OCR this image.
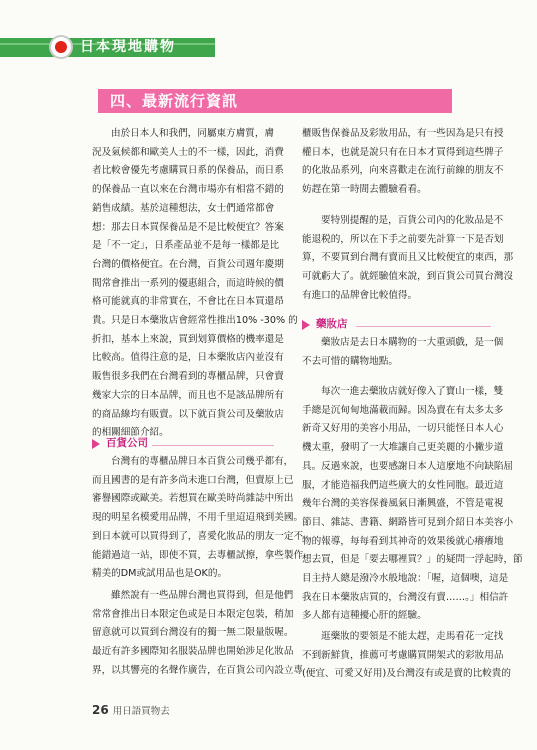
日本現地購物
四、最新流行資訊
由於日本人和我們，同屬東方膚質，膚
況及氣候都和歐美人士的不一樣，因此，消費
者比較會優先考慮購買日系的保養品，而日系
的保養品一直以來在台灣市場亦有相當不錯的
銷售成績。基於這種想法，女士們通常都會
想：那去日本買保養品是不是比較便宜？答案
是「不一定」，日系產品並不是每一樣都是比
台灣的價格便宜。在台灣，百貨公司週年慶期
間常會推出一系列的優惠組合，而這時候的價
格可能就真的非常實在，不會比在日本買還昂
貴。只是日本藥妝店會經常性推出10% -30% 的
折扣，基本上來說，買到划算價格的機率還是
比較高。值得注意的是，日本藥妝店內並沒有
販售很多我們在台灣看到的專櫃品牌，只會賣
幾家大宗的日本品牌，而且也不是該品牌所有
的商品線均有販賣。以下就百貨公司及藥妝店
的相關細節介紹。
百貨公司
台灣有的專櫃品牌日本百貨公司幾乎都有，
而且國書的是有許多尚未進口台灣，但賣原上已
審譽國際或歐美。若想買在歐美時尚雜誌中所出
現的明星名模愛用品牌，不用千里迢迢飛到美國。
到日本就可以買得到了，喜愛化妝品的朋友一定不
能錯過這一站，即使不買，去專櫃試擦，拿些製作
精美的DM或試用品也是OK的。
雖然說有一些品牌台灣也買得到，但是他們
常常會推出日本限定色或是日本限定包裝，稍加
留意就可以買到台灣沒有的獨一無二限量版喔。
最近有許多國際知名服裝品牌也開始涉足化妝品
界，以其響亮的名聲作廣告，在百貨公司內設立專
櫃販售保養品及彩妝用品，有一些因為是只有授
權日本，也就是說只有在日本才買得到這些牌子
的化妝品系列，向來喜歡走在流行前線的朋友不
妨趕在第一時間去體驗看看。
要特別提醒的是，百貨公司內的化妝品是不
能退税的，所以在下手之前要先計算一下是否划
算，不要買到台灣有賣而且又比較便宜的東西，那
可就虧大了。就經驗值來說，到百貨公司買台灣沒
有進口的品牌會比較值得。
藥妝店
藥妝店是去日本購物的一大重頭戲，是一個
不去可惜的購物地點。
每次一進去藥妝店就好像入了寶山一樣，雙
手總是沉甸甸地滿載而歸。因為賣在有太多太多
新奇又好用的美容小用品，一切只能怪日本人心
機太重，發明了一大堆讓自己更美麗的小撇步道
具。反過來說，也要感謝日本人這麼地不向缺陷屈
服，才能造福我們這些廣大的女性同胞。最近這
幾年台灣的美容保養風氣日漸興盛，不管是電視
節目、雜誌、書籍、網路皆可見到介紹日本美容小
物的報導，每每看到其神奇的效果後就心癢癢地
想去買，但是「要去哪裡買？」的疑問一浮起時，節
目主持人總是潑冷水般地說：「喔，這個噢，這是
我在日本藥妝店買的，台灣沒有賣……。」相信許
多人都有這種擾心肝的經驗。
逛藥妝的要領是不能太趕，走馬看花一定找
不到新鮮貨，推薦可考慮購買開架式的彩妝用品
(便宜、可愛又好用)及台灣沒有或是賣的比較貴的
26 用日語買物去
